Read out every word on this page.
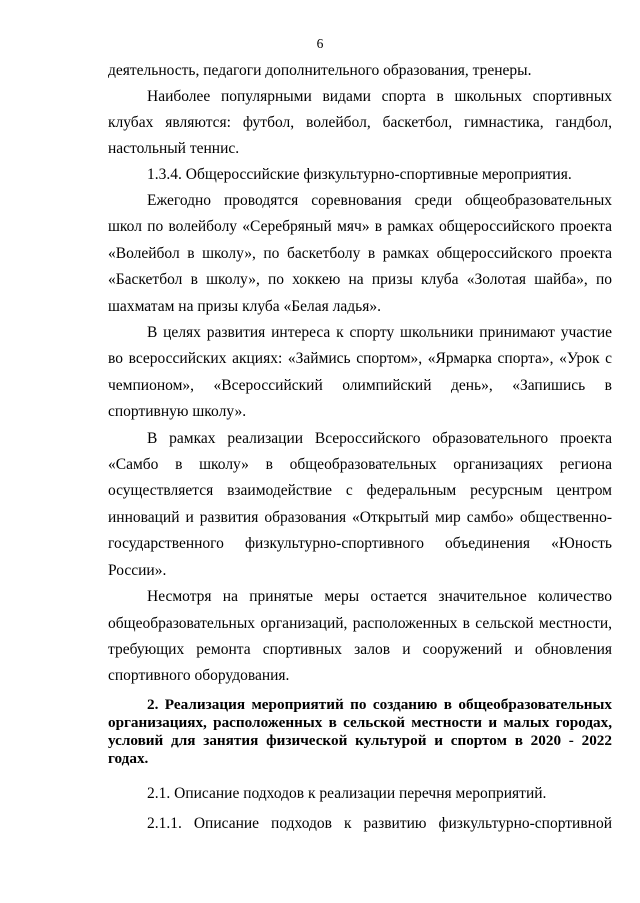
6

деятельность, педагоги дополнительного образования, тренеры.

Наиболее популярными видами спорта в школьных спортивных клубах являются: футбол, волейбол, баскетбол, гимнастика, гандбол, настольный теннис.

1.3.4. Общероссийские физкультурно-спортивные мероприятия.

Ежегодно проводятся соревнования среди общеобразовательных школ по волейболу «Серебряный мяч» в рамках общероссийского проекта «Волейбол в школу», по баскетболу в рамках общероссийского проекта «Баскетбол в школу», по хоккею на призы клуба «Золотая шайба», по шахматам на призы клуба «Белая ладья».

В целях развития интереса к спорту школьники принимают участие во всероссийских акциях: «Займись спортом», «Ярмарка спорта», «Урок с чемпионом», «Всероссийский олимпийский день», «Запишись в спортивную школу».

В рамках реализации Всероссийского образовательного проекта «Самбо в школу» в общеобразовательных организациях региона осуществляется взаимодействие с федеральным ресурсным центром инноваций и развития образования «Открытый мир самбо» общественно-государственного физкультурно-спортивного объединения «Юность России».

Несмотря на принятые меры остается значительное количество общеобразовательных организаций, расположенных в сельской местности, требующих ремонта спортивных залов и сооружений и обновления спортивного оборудования.

2. Реализация мероприятий по созданию в общеобразовательных организациях, расположенных в сельской местности и малых городах, условий для занятия физической культурой и спортом в 2020 - 2022 годах.

2.1. Описание подходов к реализации перечня мероприятий.

2.1.1. Описание подходов к развитию физкультурно-спортивной
